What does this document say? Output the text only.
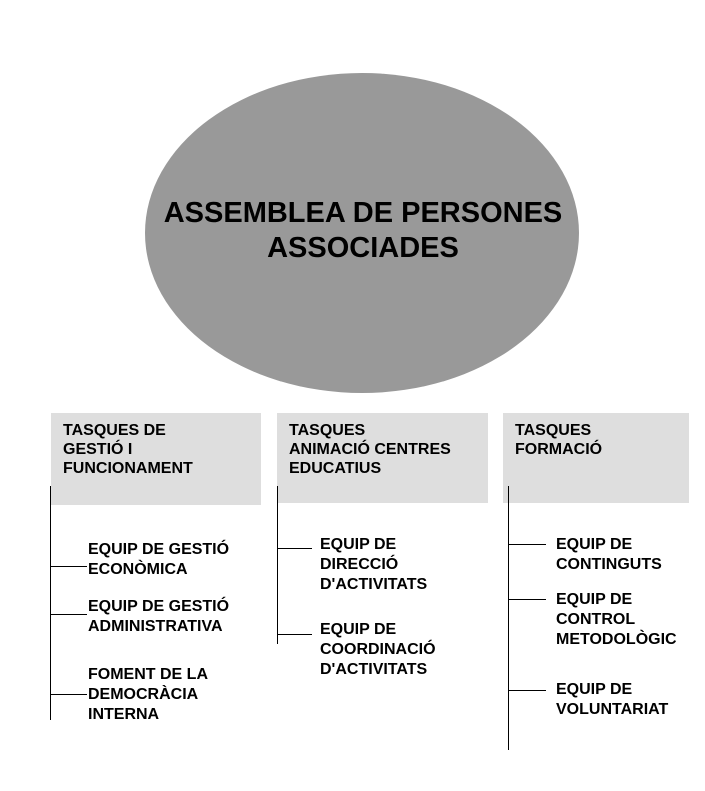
ASSEMBLEA DE PERSONES
ASSOCIADES
TASQUES DE
GESTIÓ I
FUNCIONAMENT
EQUIP DE GESTIÓ
ECONÒMICA
EQUIP DE GESTIÓ
ADMINISTRATIVA
FOMENT DE LA
DEMOCRÀCIA
INTERNA
TASQUES
ANIMACIÓ CENTRES
EDUCATIUS
EQUIP DE
DIRECCIÓ
D'ACTIVITATS
EQUIP DE
COORDINACIÓ
D'ACTIVITATS
TASQUES
FORMACIÓ
EQUIP DE
CONTINGUTS
EQUIP DE
CONTROL
METODOLÒGIC
EQUIP DE
VOLUNTARIAT
